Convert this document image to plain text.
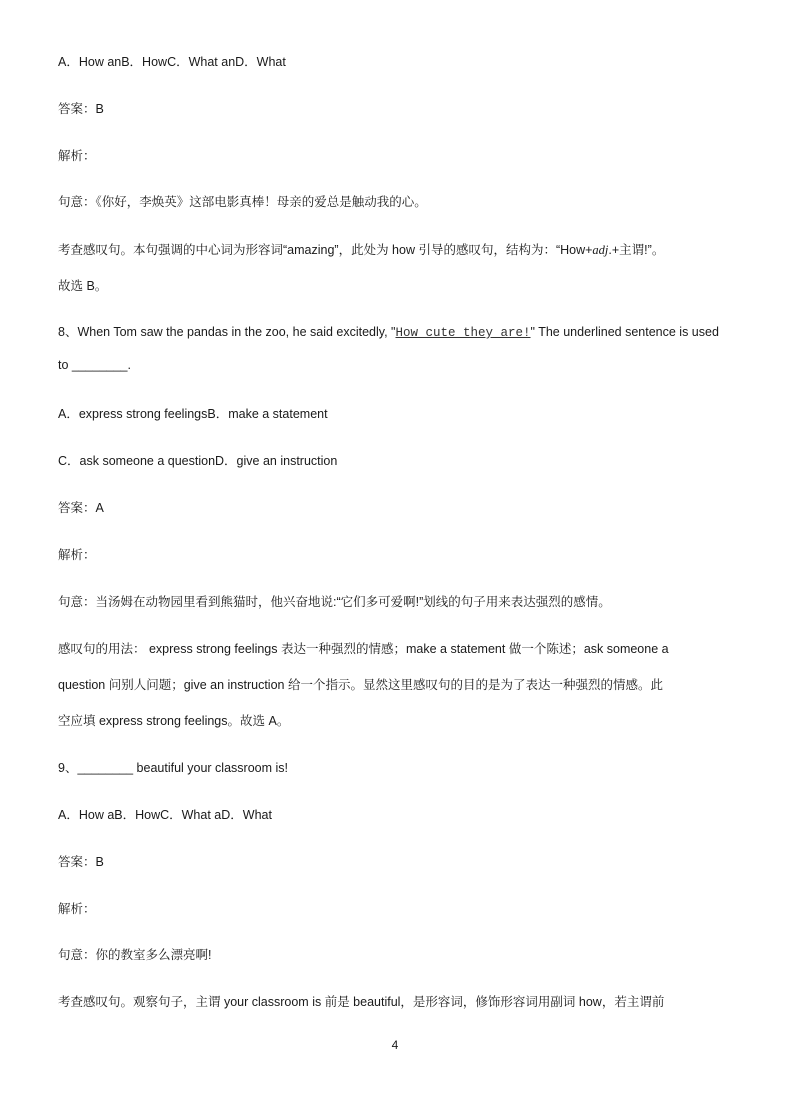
A．How anB．HowC．What anD．What
答案：B
解析：
句意：《你好，李焕英》这部电影真棒！母亲的爱总是触动我的心。
考查感叹句。本句强调的中心词为形容词“amazing”，此处为 how 引导的感叹句，结构为：“How+adj.+主谓!”。
故选 B。
8、When Tom saw the pandas in the zoo, he said excitedly, "How cute they are!" The underlined sentence is used
to ________.
A．express strong feelingsB．make a statement
C．ask someone a questionD．give an instruction
答案：A
解析：
句意：当汤姆在动物园里看到熊猫时，他兴奋地说:“它们多可爱啊!”划线的句子用来表达强烈的感情。
感叹句的用法： express strong feelings 表达一种强烈的情感；make a statement 做一个陈述；ask someone a
question 问别人问题；give an instruction 给一个指示。显然这里感叹句的目的是为了表达一种强烈的情感。此
空应填 express strong feelings。故选 A。
9、________ beautiful your classroom is!
A．How aB．HowC．What aD．What
答案：B
解析：
句意：你的教室多么漂亮啊!
考查感叹句。观察句子，主谓 your classroom is 前是 beautiful，是形容词，修饰形容词用副词 how，若主谓前
4
